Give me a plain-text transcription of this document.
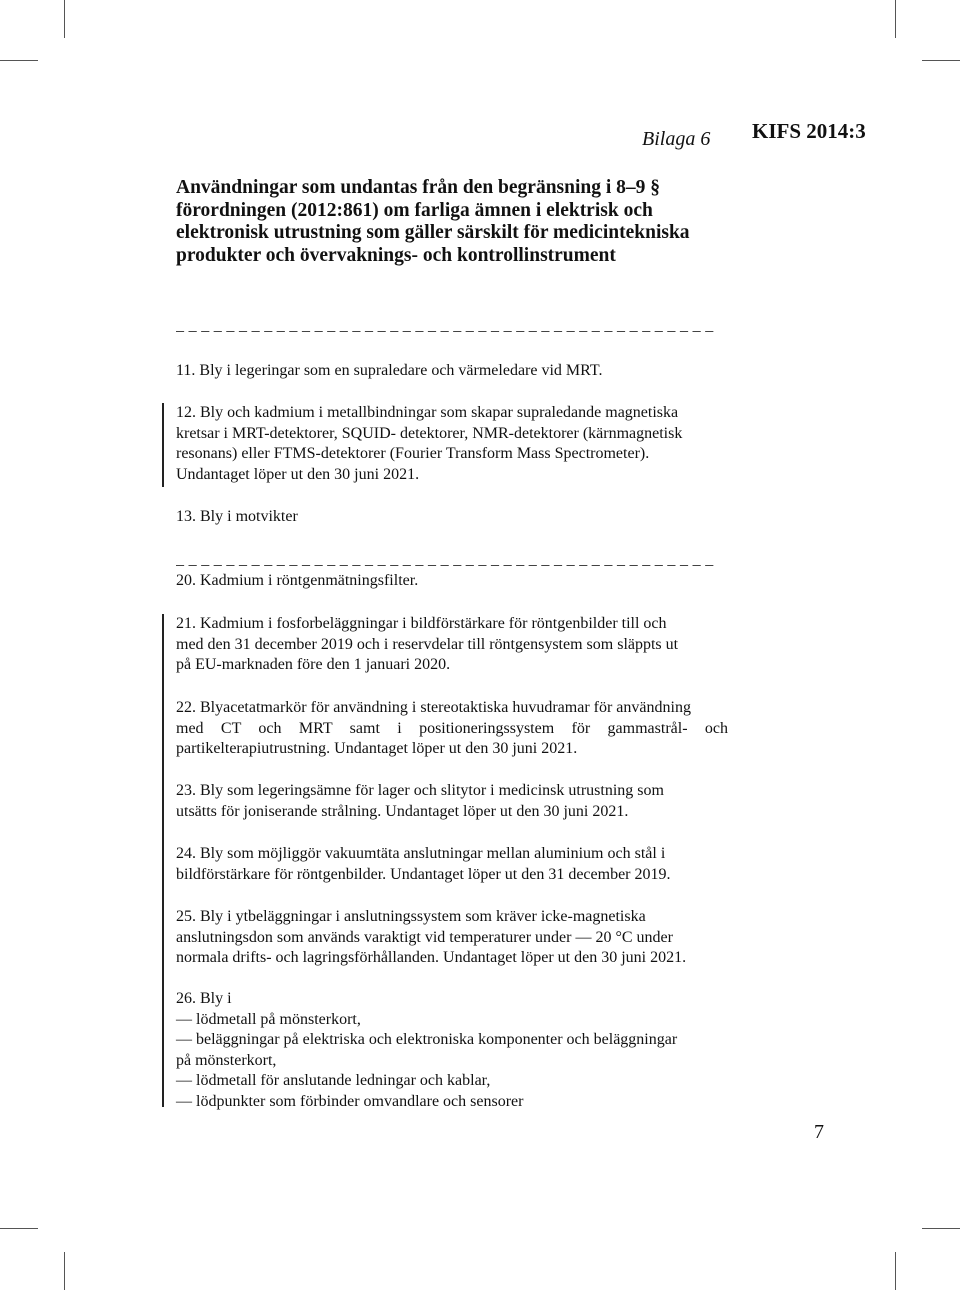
Bilaga 6 KIFS 2014:3
Användningar som undantas från den begränsning i 8–9 §
förordningen (2012:861) om farliga ämnen i elektrisk och
elektronisk utrustning som gäller särskilt för medicintekniska
produkter och övervaknings- och kontrollinstrument
_ _ _ _ _ _ _ _ _ _ _ _ _ _ _ _ _ _ _ _ _ _ _ _ _ _ _ _ _ _ _ _ _ _ _ _ _ _ _ _ _ _ _
11. Bly i legeringar som en supraledare och värmeledare vid MRT.
12. Bly och kadmium i metallbindningar som skapar supraledande magnetiska
kretsar i MRT-detektorer, SQUID- detektorer, NMR-detektorer (kärnmagnetisk
resonans) eller FTMS-detektorer (Fourier Transform Mass Spectrometer).
Undantaget löper ut den 30 juni 2021.
13. Bly i motvikter
_ _ _ _ _ _ _ _ _ _ _ _ _ _ _ _ _ _ _ _ _ _ _ _ _ _ _ _ _ _ _ _ _ _ _ _ _ _ _ _ _ _ _
20. Kadmium i röntgenmätningsfilter.
21. Kadmium i fosforbeläggningar i bildförstärkare för röntgenbilder till och
med den 31 december 2019 och i reservdelar till röntgensystem som släppts ut
på EU-marknaden före den 1 januari 2020.
22. Blyacetatmarkör för användning i stereotaktiska huvudramar för användning
med CT och MRT samt i positioneringssystem för gammastrål- och
partikelterapiutrustning. Undantaget löper ut den 30 juni 2021.
23. Bly som legeringsämne för lager och slitytor i medicinsk utrustning som
utsätts för joniserande strålning. Undantaget löper ut den 30 juni 2021.
24. Bly som möjliggör vakuumtäta anslutningar mellan aluminium och stål i
bildförstärkare för röntgenbilder. Undantaget löper ut den 31 december 2019.
25. Bly i ytbeläggningar i anslutningssystem som kräver icke-magnetiska
anslutningsdon som används varaktigt vid temperaturer under — 20 °C under
normala drifts- och lagringsförhållanden. Undantaget löper ut den 30 juni 2021.
26. Bly i
— lödmetall på mönsterkort,
— beläggningar på elektriska och elektroniska komponenter och beläggningar
på mönsterkort,
— lödmetall för anslutande ledningar och kablar,
— lödpunkter som förbinder omvandlare och sensorer
7
